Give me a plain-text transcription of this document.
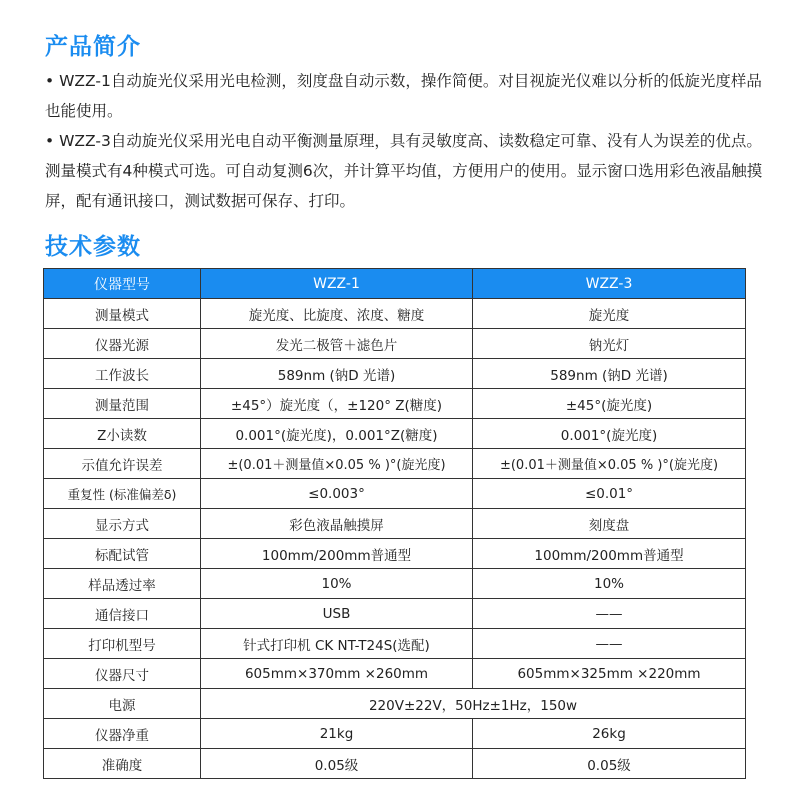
产品简介

• WZZ-1自动旋光仪采用光电检测，刻度盘自动示数，操作简便。对目视旋光仪难以分析的低旋光度样品也能使用。

• WZZ-3自动旋光仪采用光电自动平衡测量原理，具有灵敏度高、读数稳定可靠、没有人为误差的优点。测量模式有4种模式可选。可自动复测6次，并计算平均值，方便用户的使用。显示窗口选用彩色液晶触摸屏，配有通讯接口，测试数据可保存、打印。

技术参数
仪器型号	WZZ-1	WZZ-3
测量模式	旋光度、比旋度、浓度、糖度	旋光度
仪器光源	发光二极管＋滤色片	钠光灯
工作波长	589nm (钠D 光谱)	589nm (钠D 光谱)
测量范围	±45°）旋光度（，±120° Z(糖度)	±45°(旋光度)
Z小读数	0.001°(旋光度)，0.001°Z(糖度)	0.001°(旋光度)
示值允许误差	±(0.01＋测量值×0.05 % )°(旋光度)	±(0.01＋测量值×0.05 % )°(旋光度)
重复性 (标准偏差δ)	≤0.003°	≤0.01°
显示方式	彩色液晶触摸屏	刻度盘
标配试管	100mm/200mm普通型	100mm/200mm普通型
样品透过率	10%	10%
通信接口	USB	——
打印机型号	针式打印机 CK NT-T24S(选配)	——
仪器尺寸	605mm×370mm ×260mm	605mm×325mm ×220mm
电源	220V±22V，50Hz±1Hz，150w	
仪器净重	21kg	26kg
准确度	0.05级	0.05级
